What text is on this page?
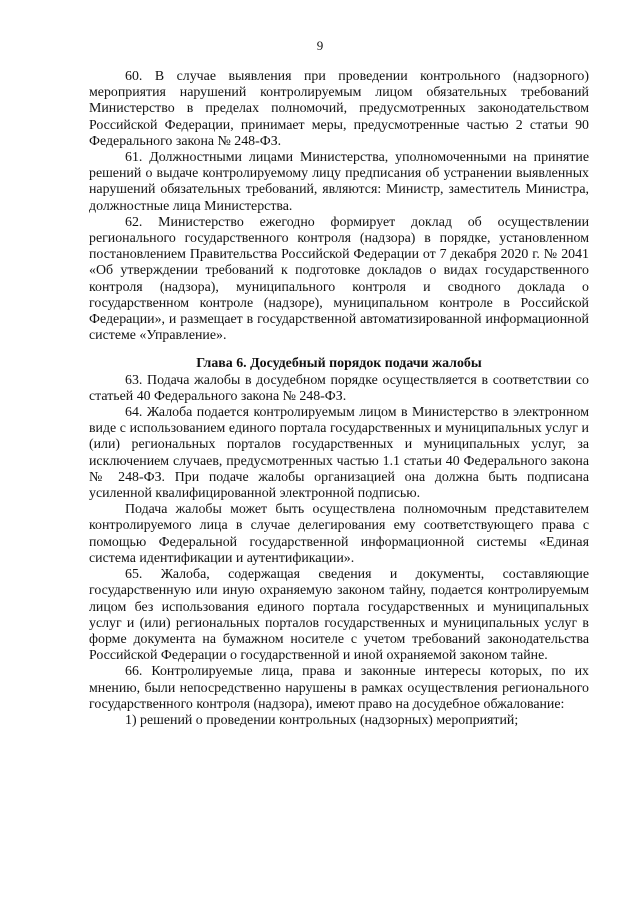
9

60. В случае выявления при проведении контрольного (надзорного) мероприятия нарушений контролируемым лицом обязательных требований Министерство в пределах полномочий, предусмотренных законодательством Российской Федерации, принимает меры, предусмотренные частью 2 статьи 90 Федерального закона № 248-ФЗ.

61. Должностными лицами Министерства, уполномоченными на принятие решений о выдаче контролируемому лицу предписания об устранении выявленных нарушений обязательных требований, являются: Министр, заместитель Министра, должностные лица Министерства.

62. Министерство ежегодно формирует доклад об осуществлении регионального государственного контроля (надзора) в порядке, установленном постановлением Правительства Российской Федерации от 7 декабря 2020 г. № 2041 «Об утверждении требований к подготовке докладов о видах государственного контроля (надзора), муниципального контроля и сводного доклада о государственном контроле (надзоре), муниципальном контроле в Российской Федерации», и размещает в государственной автоматизированной информационной системе «Управление».

Глава 6. Досудебный порядок подачи жалобы

63. Подача жалобы в досудебном порядке осуществляется в соответствии со статьей 40 Федерального закона № 248-ФЗ.

64. Жалоба подается контролируемым лицом в Министерство в электронном виде с использованием единого портала государственных и муниципальных услуг и (или) региональных порталов государственных и муниципальных услуг, за исключением случаев, предусмотренных частью 1.1 статьи 40 Федерального закона № 248-ФЗ. При подаче жалобы организацией она должна быть подписана усиленной квалифицированной электронной подписью.

Подача жалобы может быть осуществлена полномочным представителем контролируемого лица в случае делегирования ему соответствующего права с помощью Федеральной государственной информационной системы «Единая система идентификации и аутентификации».

65. Жалоба, содержащая сведения и документы, составляющие государственную или иную охраняемую законом тайну, подается контролируемым лицом без использования единого портала государственных и муниципальных услуг и (или) региональных порталов государственных и муниципальных услуг в форме документа на бумажном носителе с учетом требований законодательства Российской Федерации о государственной и иной охраняемой законом тайне.

66. Контролируемые лица, права и законные интересы которых, по их мнению, были непосредственно нарушены в рамках осуществления регионального государственного контроля (надзора), имеют право на досудебное обжалование:

1) решений о проведении контрольных (надзорных) мероприятий;
